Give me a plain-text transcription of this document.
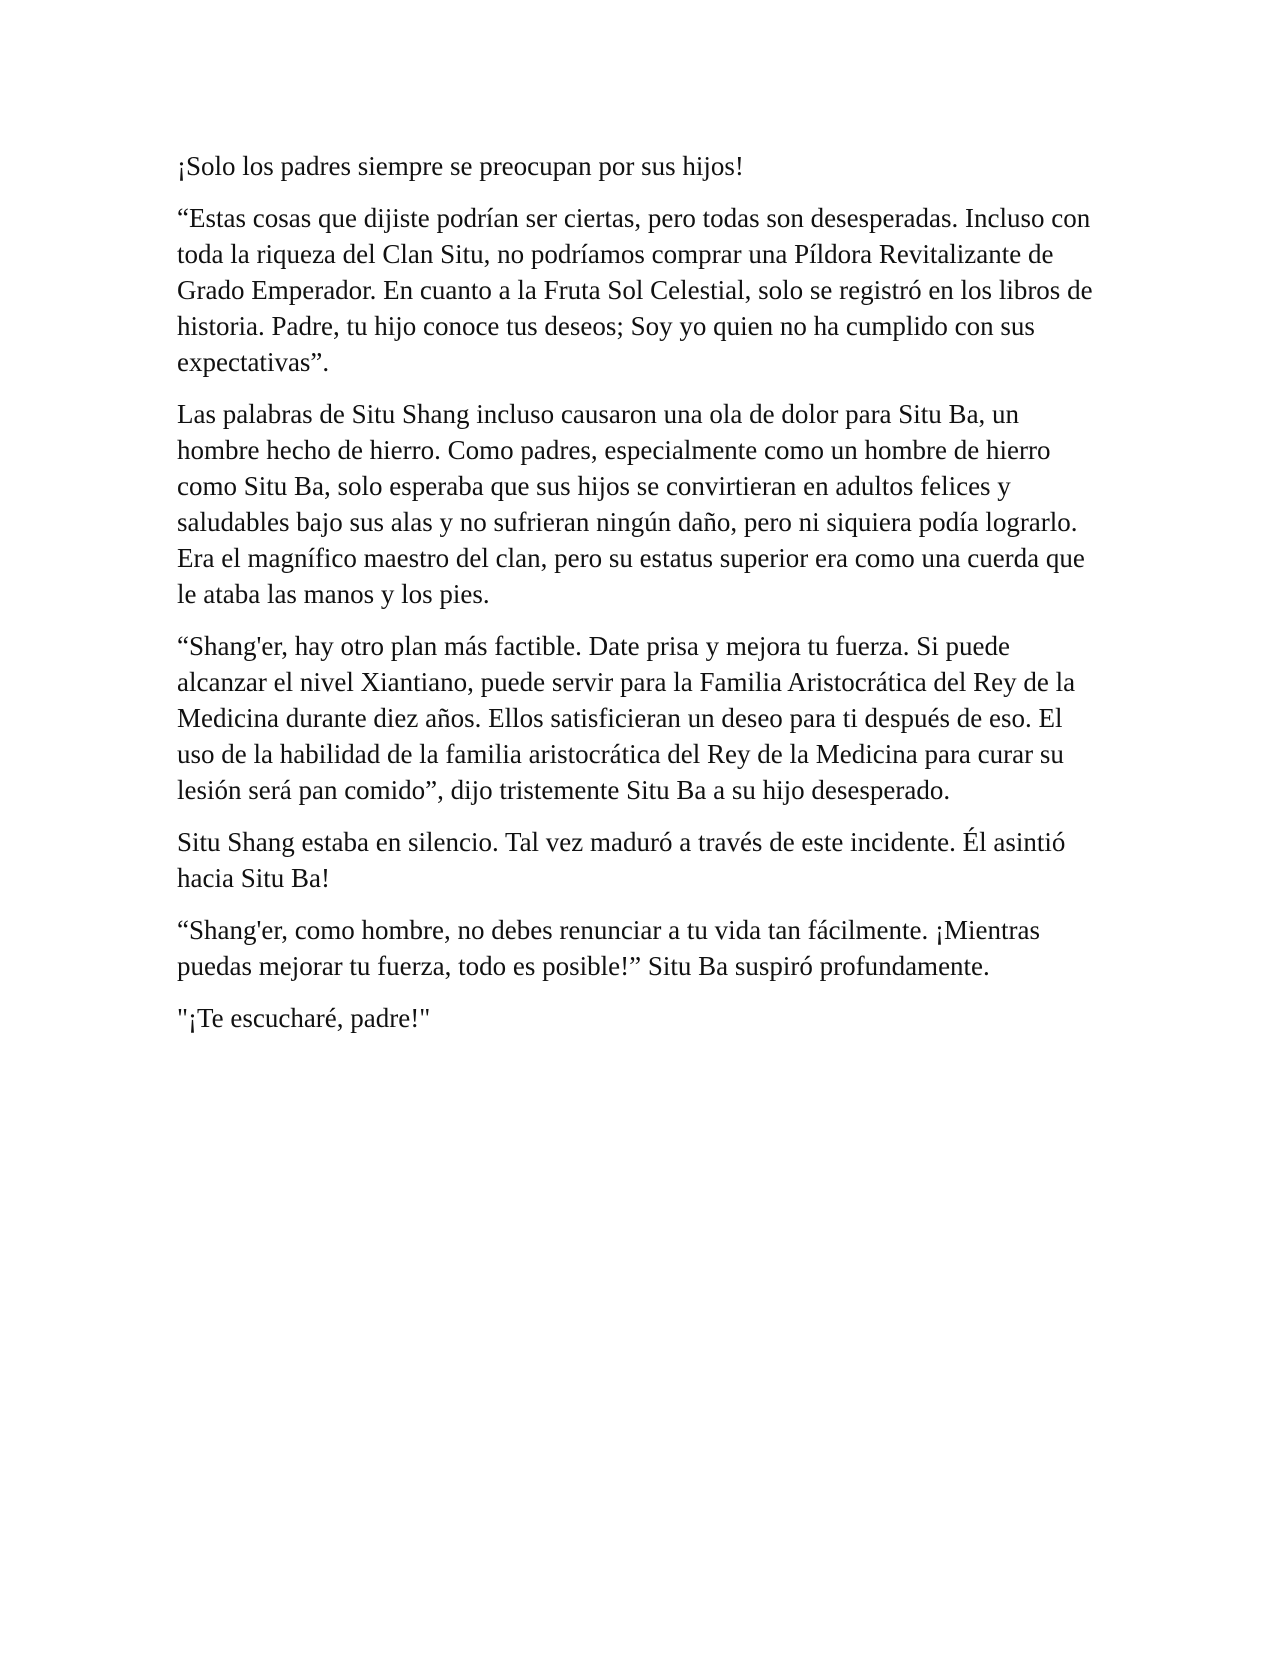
¡Solo los padres siempre se preocupan por sus hijos!

“Estas cosas que dijiste podrían ser ciertas, pero todas son desesperadas. Incluso con toda la riqueza del Clan Situ, no podríamos comprar una Píldora Revitalizante de Grado Emperador. En cuanto a la Fruta Sol Celestial, solo se registró en los libros de historia. Padre, tu hijo conoce tus deseos; Soy yo quien no ha cumplido con sus expectativas”.

Las palabras de Situ Shang incluso causaron una ola de dolor para Situ Ba, un hombre hecho de hierro. Como padres, especialmente como un hombre de hierro como Situ Ba, solo esperaba que sus hijos se convirtieran en adultos felices y saludables bajo sus alas y no sufrieran ningún daño, pero ni siquiera podía lograrlo. Era el magnífico maestro del clan, pero su estatus superior era como una cuerda que le ataba las manos y los pies.

“Shang'er, hay otro plan más factible. Date prisa y mejora tu fuerza. Si puede alcanzar el nivel Xiantiano, puede servir para la Familia Aristocrática del Rey de la Medicina durante diez años. Ellos satisficieran un deseo para ti después de eso. El uso de la habilidad de la familia aristocrática del Rey de la Medicina para curar su lesión será pan comido”, dijo tristemente Situ Ba a su hijo desesperado.

Situ Shang estaba en silencio. Tal vez maduró a través de este incidente. Él asintió hacia Situ Ba!

“Shang'er, como hombre, no debes renunciar a tu vida tan fácilmente. ¡Mientras puedas mejorar tu fuerza, todo es posible!” Situ Ba suspiró profundamente.

"¡Te escucharé, padre!"
